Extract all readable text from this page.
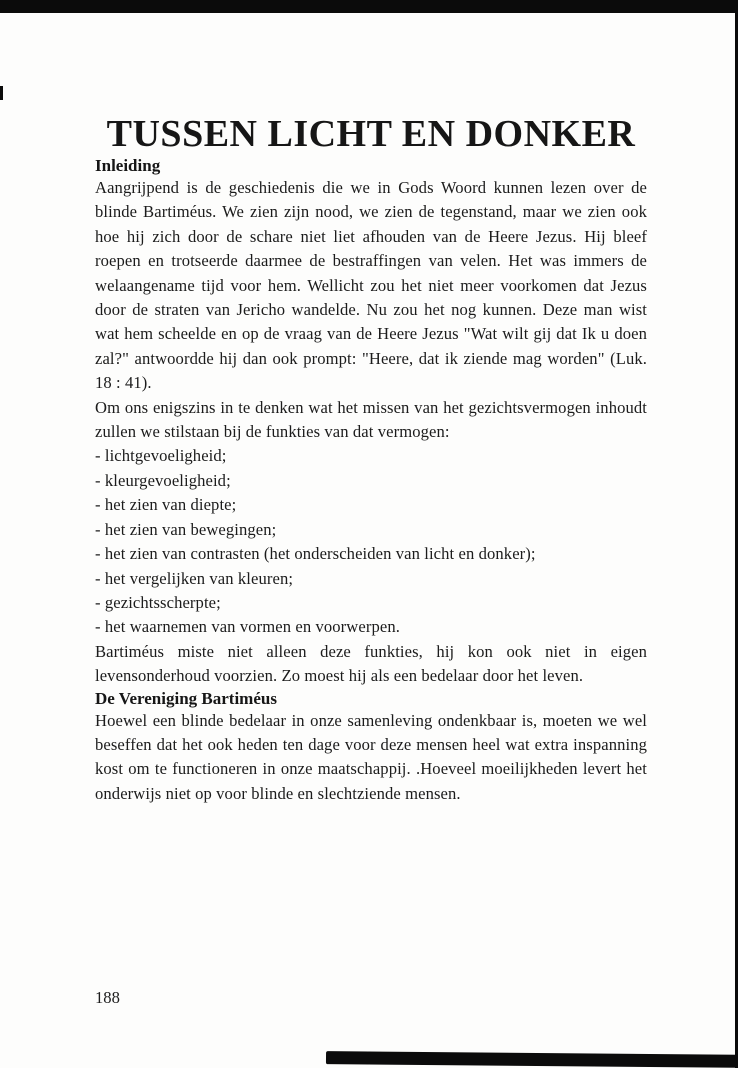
TUSSEN LICHT EN DONKER
Inleiding

Aangrijpend is de geschiedenis die we in Gods Woord kunnen lezen over de blinde Bartiméus. We zien zijn nood, we zien de tegenstand, maar we zien ook hoe hij zich door de schare niet liet afhouden van de Heere Jezus. Hij bleef roepen en trotseerde daarmee de bestraffingen van velen. Het was immers de welaangename tijd voor hem. Wellicht zou het niet meer voorkomen dat Jezus door de straten van Jericho wandelde. Nu zou het nog kunnen. Deze man wist wat hem scheelde en op de vraag van de Heere Jezus "Wat wilt gij dat Ik u doen zal?" antwoordde hij dan ook prompt: "Heere, dat ik ziende mag worden" (Luk. 18 : 41).

Om ons enigszins in te denken wat het missen van het gezichtsvermogen inhoudt zullen we stilstaan bij de funkties van dat vermogen:

- lichtgevoeligheid;
- kleurgevoeligheid;
- het zien van diepte;
- het zien van bewegingen;
- het zien van contrasten (het onderscheiden van licht en donker);
- het vergelijken van kleuren;
- gezichtsscherpte;
- het waarnemen van vormen en voorwerpen.

Bartiméus miste niet alleen deze funkties, hij kon ook niet in eigen levensonderhoud voorzien. Zo moest hij als een bedelaar door het leven.

De Vereniging Bartiméus

Hoewel een blinde bedelaar in onze samenleving ondenkbaar is, moeten we wel beseffen dat het ook heden ten dage voor deze mensen heel wat extra inspanning kost om te functioneren in onze maatschappij. .Hoeveel moeilijkheden levert het onderwijs niet op voor blinde en slechtziende mensen.

188
